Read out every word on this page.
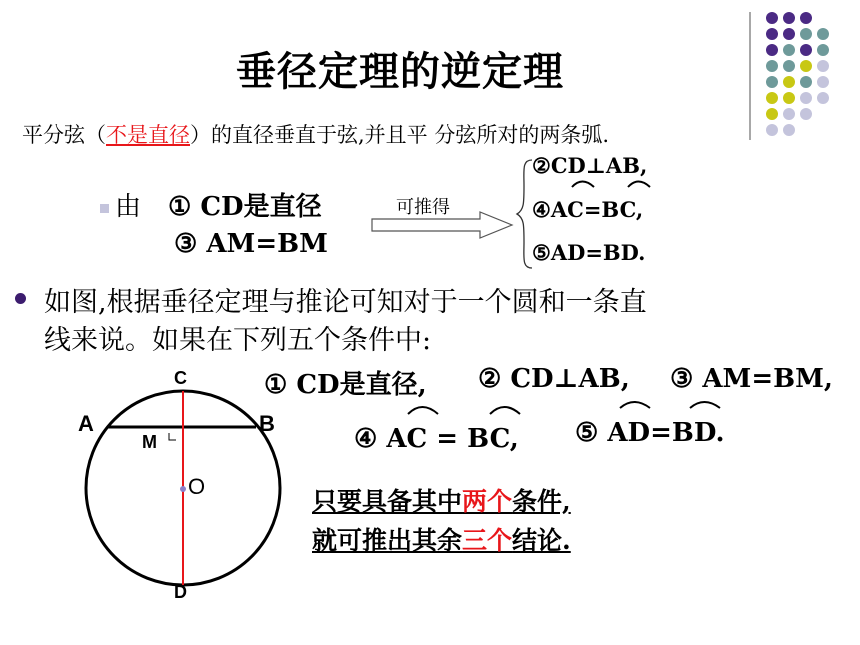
垂径定理的逆定理
平分弦（不是直径）的直径垂直于弦,并且平 分弦所对的两条弧.
由 ① CD是直径
③ AM=BM
可推得
②CD⊥AB,
④AC=BC,
⑤AD=BD.
如图,根据垂径定理与推论可知对于一个圆和一条直
线来说。如果在下列五个条件中:
① CD是直径, ② CD⊥AB, ③ AM=BM,
④ AC = BC, ⑤ AD=BD.
只要具备其中两个条件,
就可推出其余三个结论.
C
A	B
M
O
D
